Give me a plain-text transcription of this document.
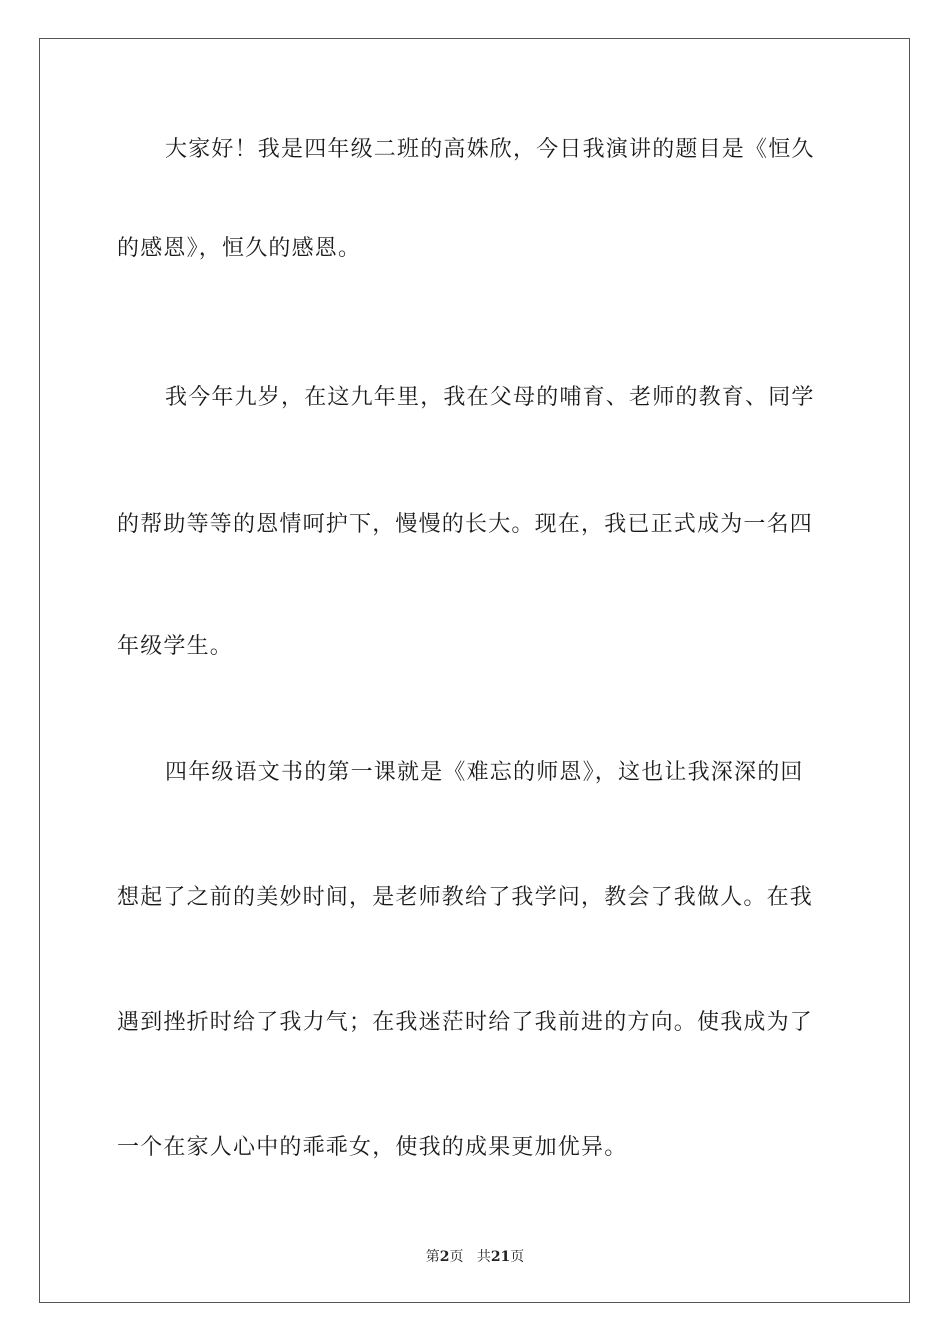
大家好！我是四年级二班的高姝欣，今日我演讲的题目是《恒久
的感恩》，恒久的感恩。
我今年九岁，在这九年里，我在父母的哺育、老师的教育、同学
的帮助等等的恩情呵护下，慢慢的长大。现在，我已正式成为一名四
年级学生。
四年级语文书的第一课就是《难忘的师恩》，这也让我深深的回
想起了之前的美妙时间，是老师教给了我学问，教会了我做人。在我
遇到挫折时给了我力气；在我迷茫时给了我前进的方向。使我成为了
一个在家人心中的乖乖女，使我的成果更加优异。
第2页 共21页
